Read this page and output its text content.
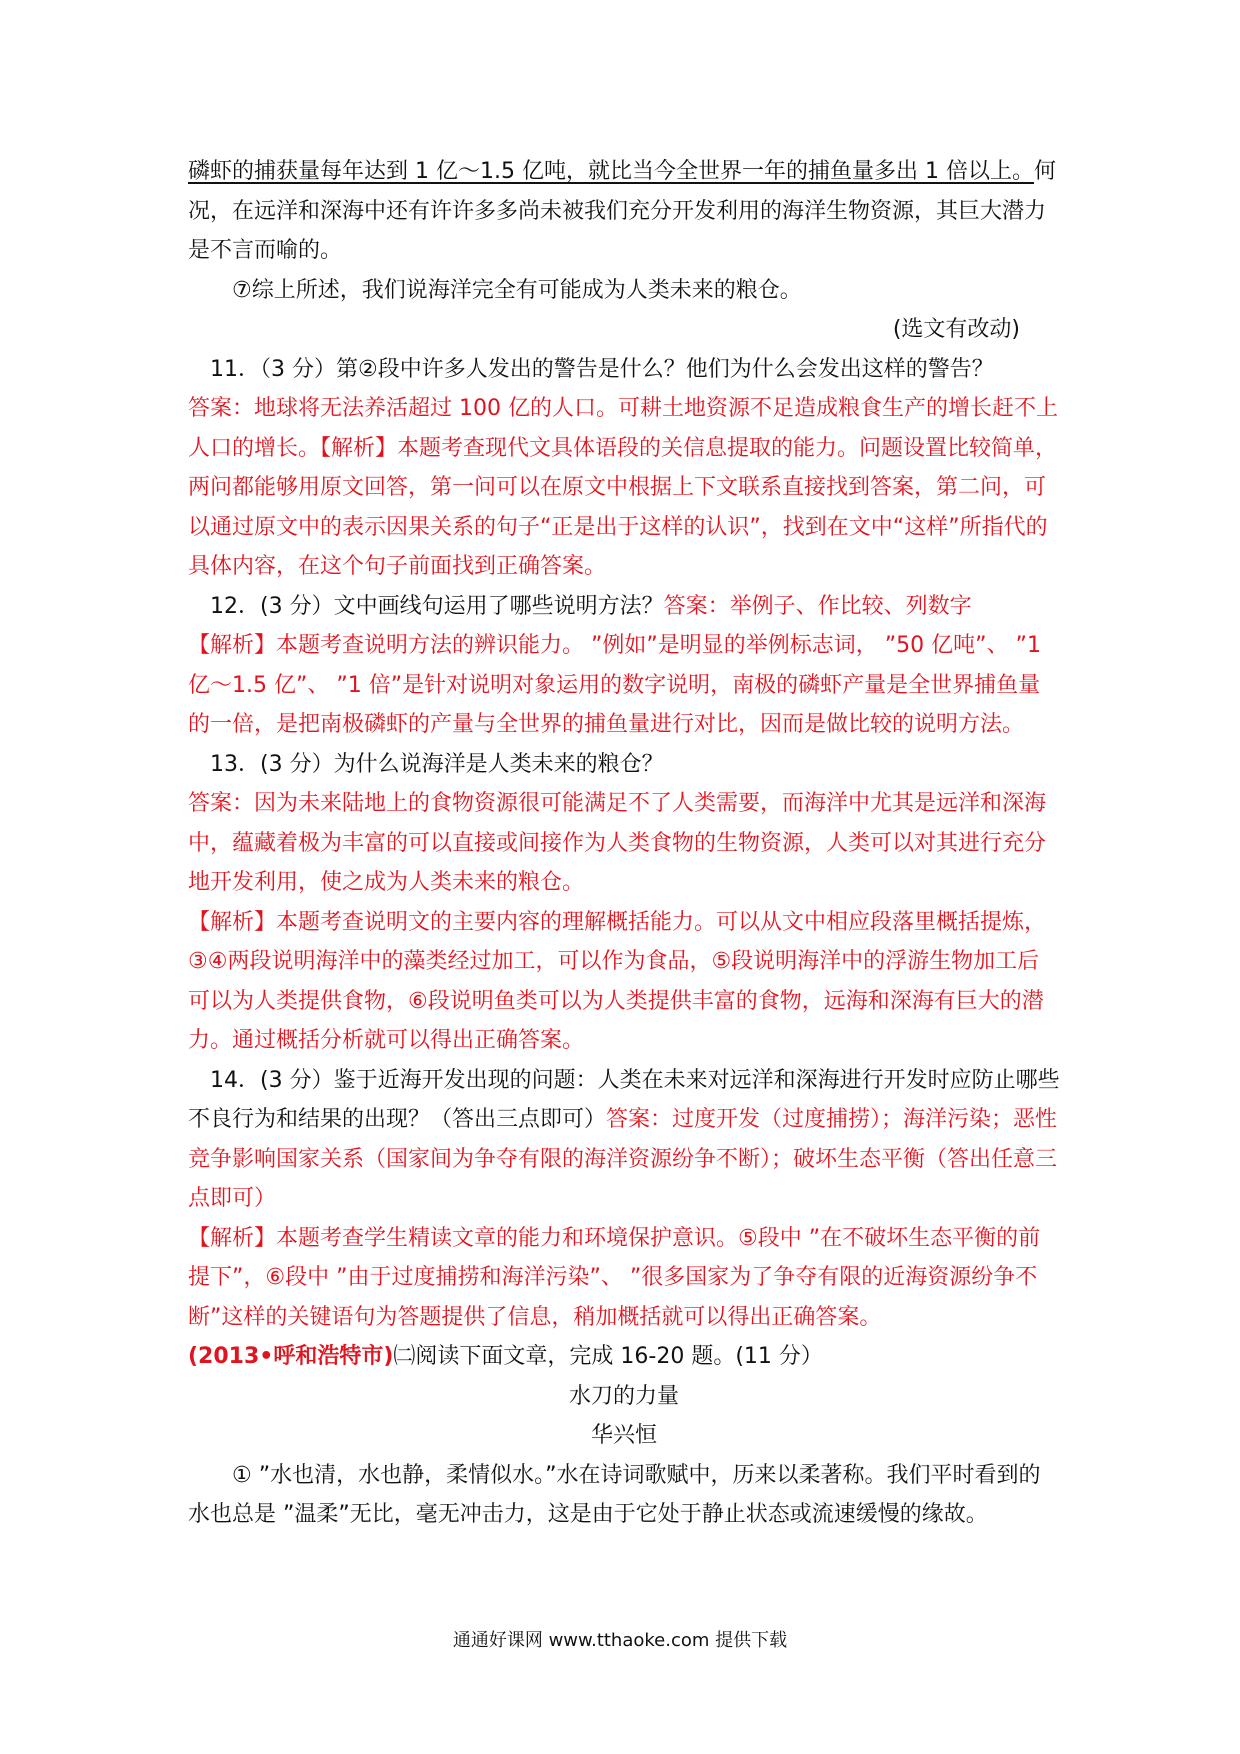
磷虾的捕获量每年达到 1 亿～1.5 亿吨，就比当今全世界一年的捕鱼量多出 1 倍以上。何况，在远洋和深海中还有许许多多尚未被我们充分开发利用的海洋生物资源，其巨大潜力是不言而喻的。

⑦综上所述，我们说海洋完全有可能成为人类未来的粮仓。

(选文有改动)

11．（3 分）第②段中许多人发出的警告是什么？他们为什么会发出这样的警告？

答案：地球将无法养活超过 100 亿的人口。可耕土地资源不足造成粮食生产的增长赶不上人口的增长。【解析】本题考查现代文具体语段的关信息提取的能力。问题设置比较简单，两问都能够用原文回答，第一问可以在原文中根据上下文联系直接找到答案，第二问，可以通过原文中的表示因果关系的句子“正是出于这样的认识”，找到在文中“这样”所指代的具体内容，在这个句子前面找到正确答案。

12．(3 分）文中画线句运用了哪些说明方法？答案：举例子、作比较、列数字

【解析】本题考查说明方法的辨识能力。 ”例如”是明显的举例标志词， ”50 亿吨”、 ”1 亿～1.5 亿”、 ”1 倍”是针对说明对象运用的数字说明，南极的磷虾产量是全世界捕鱼量的一倍，是把南极磷虾的产量与全世界的捕鱼量进行对比，因而是做比较的说明方法。

13．(3 分）为什么说海洋是人类未来的粮仓？

答案：因为未来陆地上的食物资源很可能满足不了人类需要，而海洋中尤其是远洋和深海中，蕴藏着极为丰富的可以直接或间接作为人类食物的生物资源，人类可以对其进行充分地开发利用，使之成为人类未来的粮仓。

【解析】本题考查说明文的主要内容的理解概括能力。可以从文中相应段落里概括提炼，③④两段说明海洋中的藻类经过加工，可以作为食品，⑤段说明海洋中的浮游生物加工后可以为人类提供食物，⑥段说明鱼类可以为人类提供丰富的食物，远海和深海有巨大的潜力。通过概括分析就可以得出正确答案。

14．(3 分）鉴于近海开发出现的问题：人类在未来对远洋和深海进行开发时应防止哪些不良行为和结果的出现？（答出三点即可）答案：过度开发（过度捕捞）；海洋污染；恶性竞争影响国家关系（国家间为争夺有限的海洋资源纷争不断）；破坏生态平衡（答出任意三点即可）

【解析】本题考查学生精读文章的能力和环境保护意识。⑤段中 ”在不破坏生态平衡的前提下”，⑥段中 ”由于过度捕捞和海洋污染”、 ”很多国家为了争夺有限的近海资源纷争不断”这样的关键语句为答题提供了信息，稍加概括就可以得出正确答案。

(2013•呼和浩特市)㈡阅读下面文章，完成 16-20 题。(11 分）

水刀的力量

华兴恒

① ”水也清，水也静，柔情似水。”水在诗词歌赋中，历来以柔著称。我们平时看到的水也总是 ”温柔”无比，毫无冲击力，这是由于它处于静止状态或流速缓慢的缘故。

通通好课网 www.tthaoke.com 提供下载
